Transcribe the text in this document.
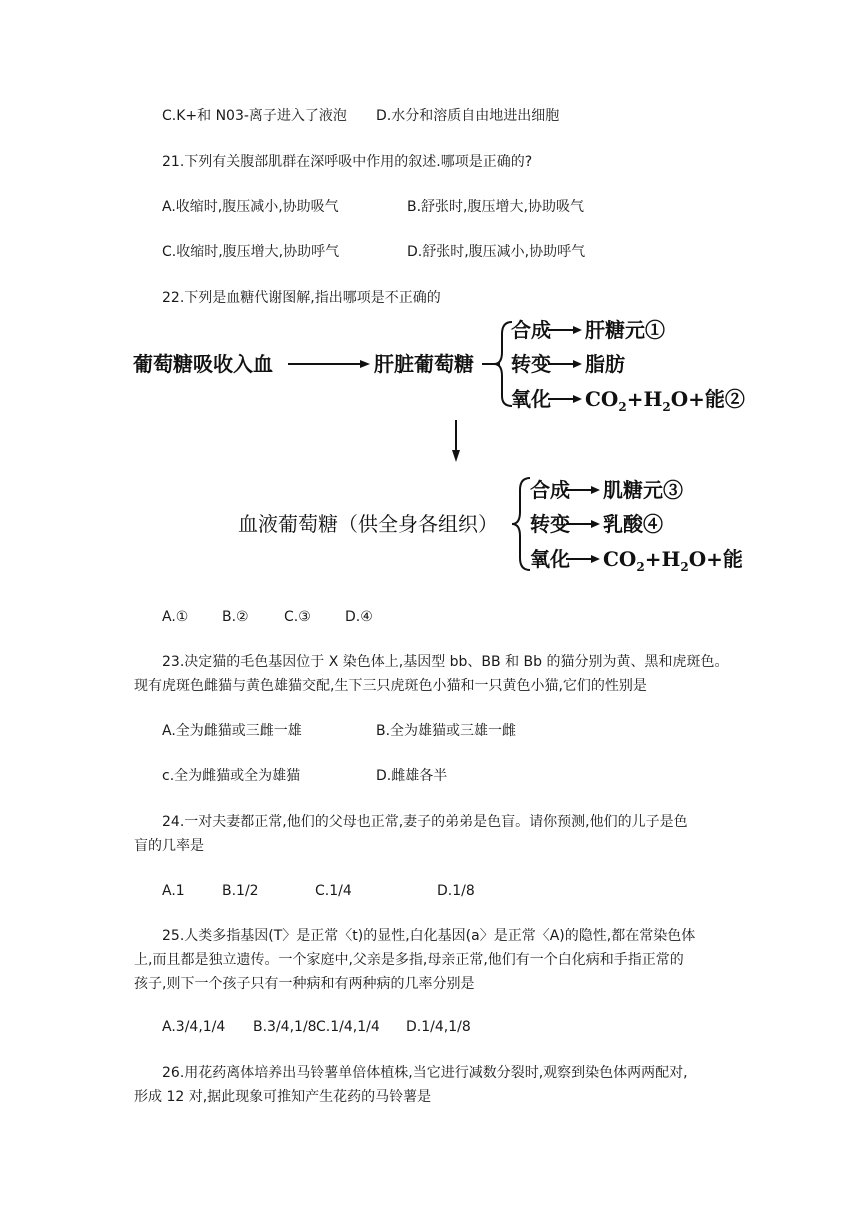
C.K+和 N03-离子进入了液泡 D.水分和溶质自由地进出细胞
21.下列有关腹部肌群在深呼吸中作用的叙述.哪项是正确的?
A.收缩时,腹压减小,协助吸气	B.舒张时,腹压增大,协助吸气
C.收缩时,腹压增大,协助呼气	D.舒张时,腹压减小,协助呼气
22.下列是血糖代谢图解,指出哪项是不正确的
葡萄糖吸收入血	肝脏葡萄糖
合成
转变
氧化
肝糖元①
脂肪
$CO_2+H_2O+$能②
血液葡萄糖（供全身各组织）
合成
转变
氧化
肌糖元③
乳酸④
$CO_2+H_2O+$能
A.① B.②	C.③ D.④
23.决定猫的毛色基因位于 X 染色体上,基因型 bb、BB 和 Bb 的猫分别为黄、黑和虎斑色。
现有虎斑色雌猫与黄色雄猫交配,生下三只虎斑色小猫和一只黄色小猫,它们的性别是
A.全为雌猫或三雌一雄	B.全为雄猫或三雄一雌
c.全为雌猫或全为雄猫	D.雌雄各半
24.一对夫妻都正常,他们的父母也正常,妻子的弟弟是色盲。请你预测,他们的儿子是色
盲的几率是
A.1	B.1/2	C.1/4	D.1/8
25.人类多指基因(T〉是正常〈t)的显性,白化基因(a〉是正常〈A)的隐性,都在常染色体
上,而且都是独立遗传。一个家庭中,父亲是多指,母亲正常,他们有一个白化病和手指正常的
孩子,则下一个孩子只有一种病和有两种病的几率分别是
A.3/4,1/4 B.3/4,1/8 C.1/4,1/4 D.1/4,1/8
26.用花药离体培养出马铃薯单倍体植株,当它进行减数分裂时,观察到染色体两两配对,
形成 12 对,据此现象可推知产生花药的马铃薯是
